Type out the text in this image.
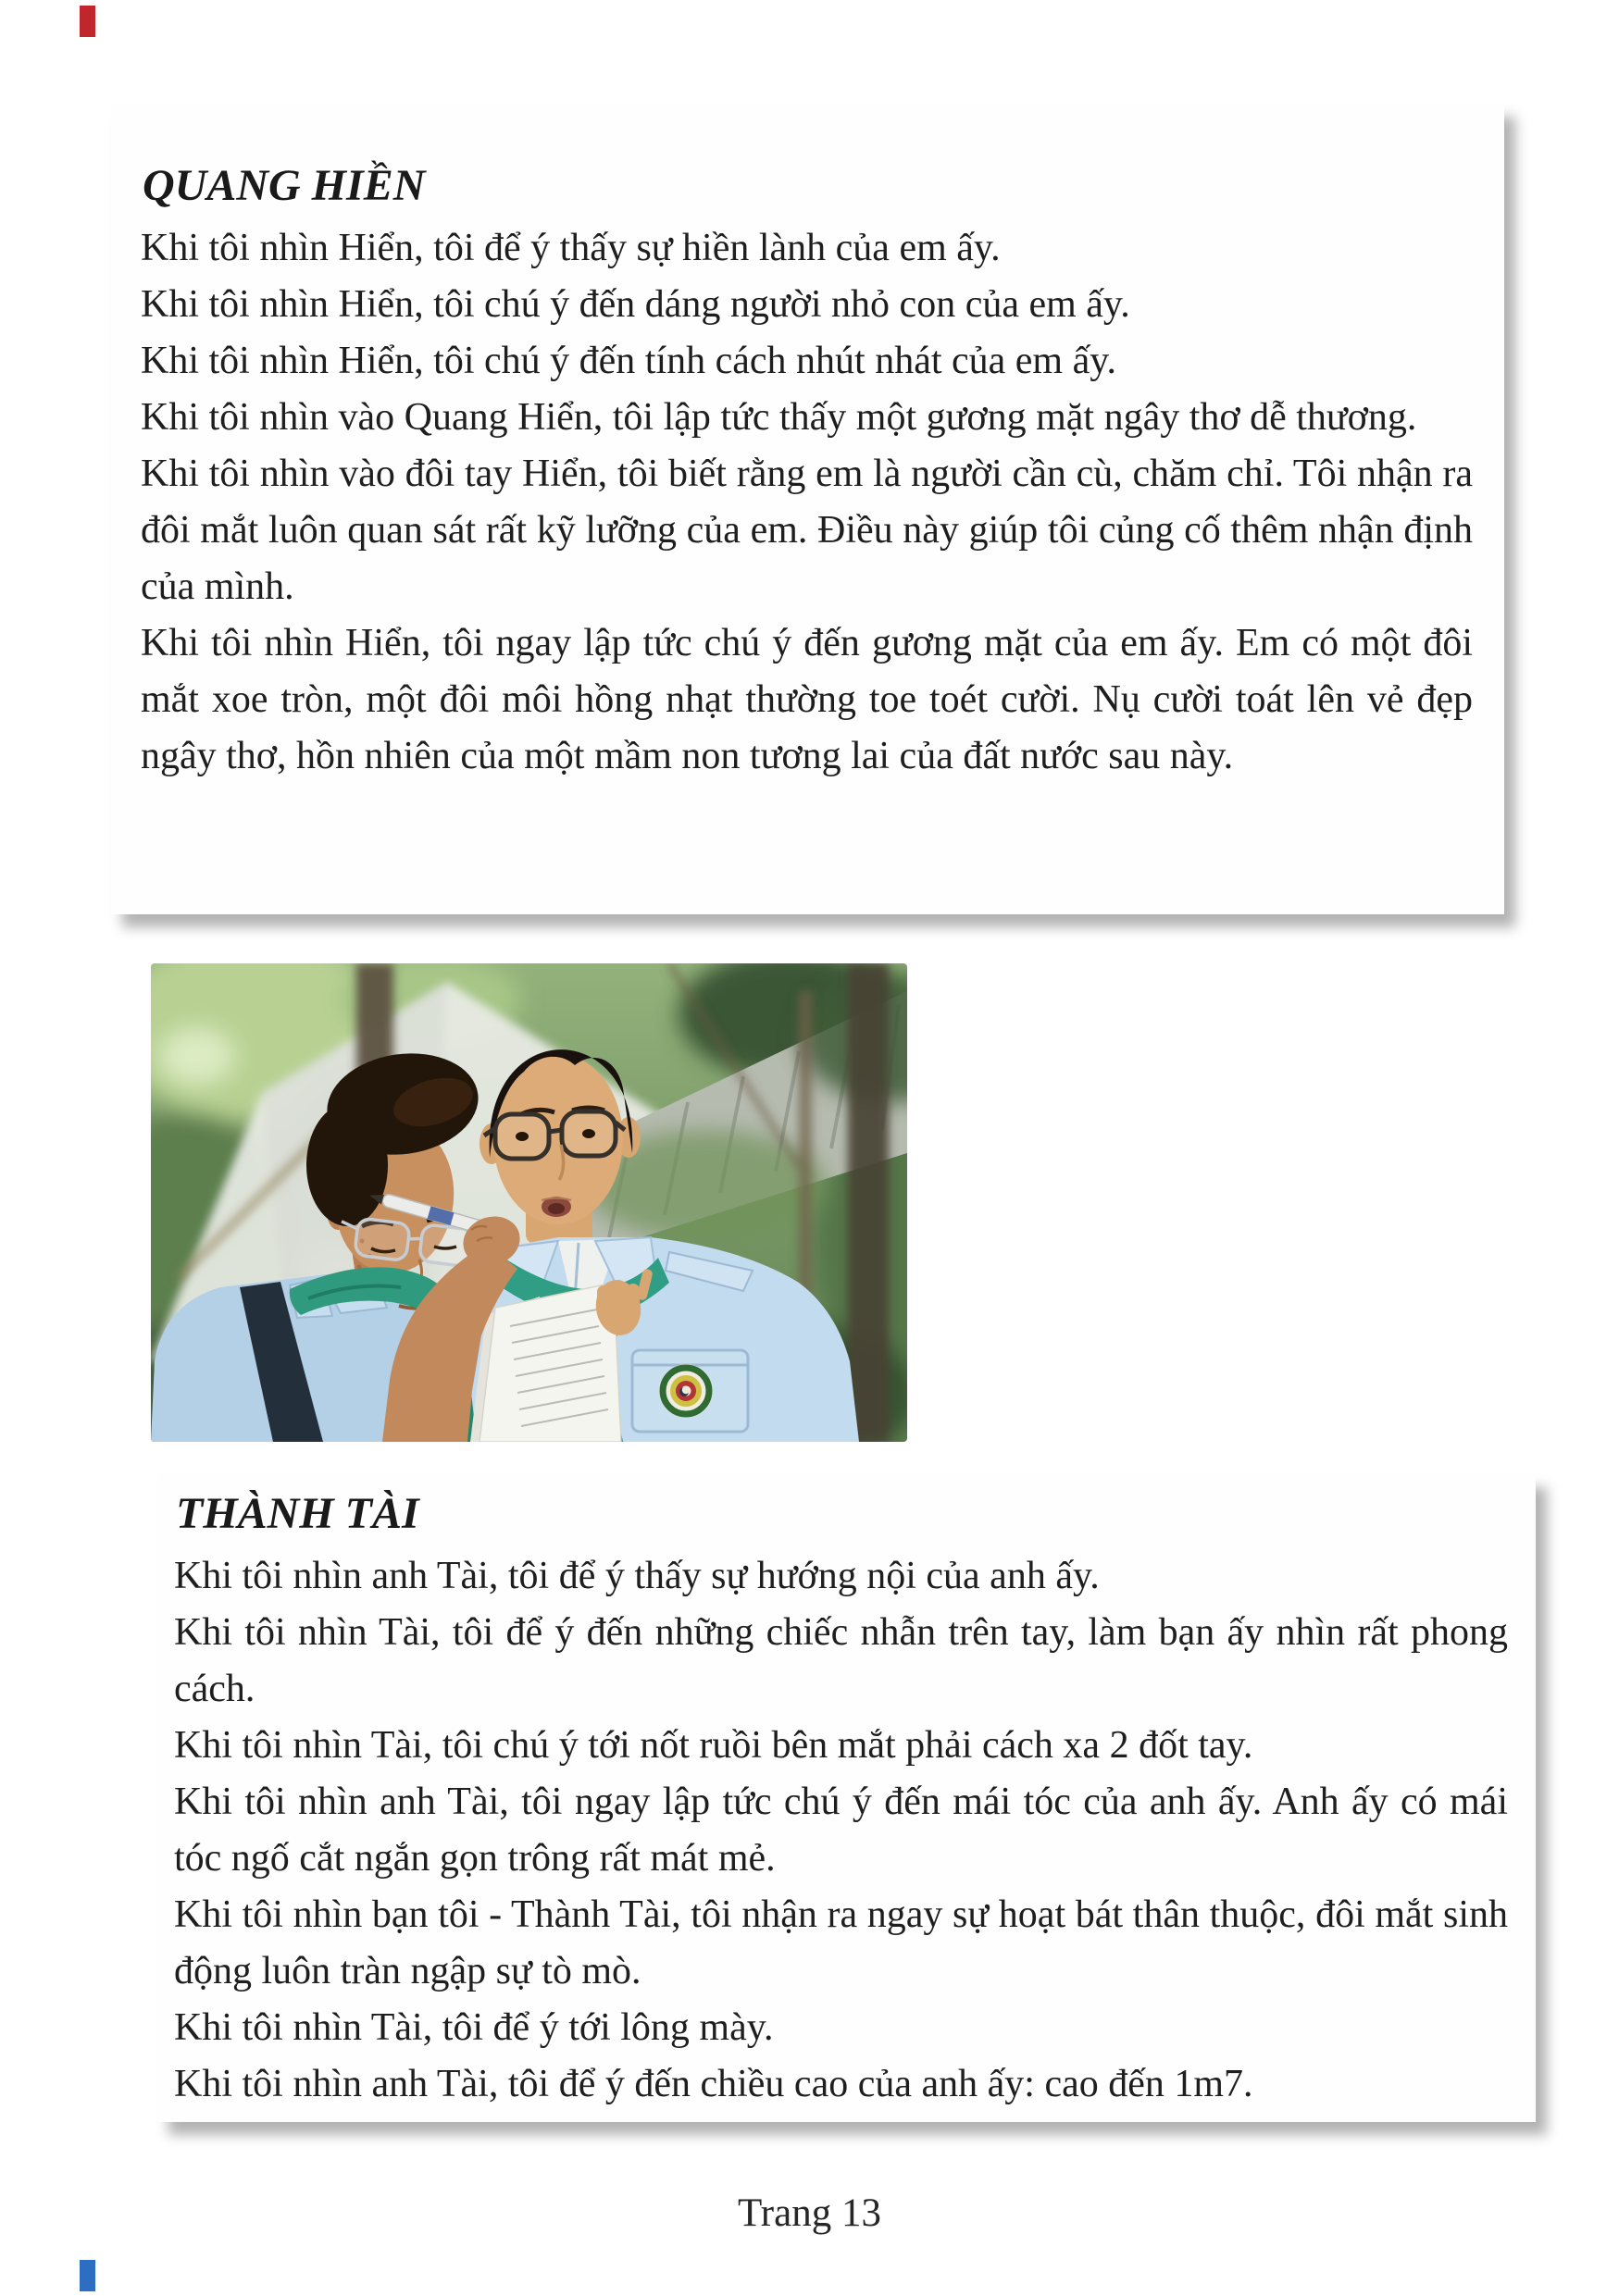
QUANG HIỀN

Khi tôi nhìn Hiển, tôi để ý thấy sự hiền lành của em ấy.

Khi tôi nhìn Hiển, tôi chú ý đến dáng người nhỏ con của em ấy.

Khi tôi nhìn Hiển, tôi chú ý đến tính cách nhút nhát của em ấy.

Khi tôi nhìn vào Quang Hiển, tôi lập tức thấy một gương mặt ngây thơ dễ thương.

Khi tôi nhìn vào đôi tay Hiển, tôi biết rằng em là người cần cù, chăm chỉ. Tôi nhận ra đôi mắt luôn quan sát rất kỹ lưỡng của em. Điều này giúp tôi củng cố thêm nhận định của mình.

Khi tôi nhìn Hiển, tôi ngay lập tức chú ý đến gương mặt của em ấy. Em có một đôi mắt xoe tròn, một đôi môi hồng nhạt thường toe toét cười. Nụ cười toát lên vẻ đẹp ngây thơ, hồn nhiên của một mầm non tương lai của đất nước sau này.

THÀNH TÀI

Khi tôi nhìn anh Tài, tôi để ý thấy sự hướng nội của anh ấy.

Khi tôi nhìn Tài, tôi để ý đến những chiếc nhẫn trên tay, làm bạn ấy nhìn rất phong cách.

Khi tôi nhìn Tài, tôi chú ý tới nốt ruồi bên mắt phải cách xa 2 đốt tay.

Khi tôi nhìn anh Tài, tôi ngay lập tức chú ý đến mái tóc của anh ấy. Anh ấy có mái tóc ngố cắt ngắn gọn trông rất mát mẻ.

Khi tôi nhìn bạn tôi - Thành Tài, tôi nhận ra ngay sự hoạt bát thân thuộc, đôi mắt sinh động luôn tràn ngập sự tò mò.

Khi tôi nhìn Tài, tôi để ý tới lông mày.

Khi tôi nhìn anh Tài, tôi để ý đến chiều cao của anh ấy: cao đến 1m7.

Trang 13
